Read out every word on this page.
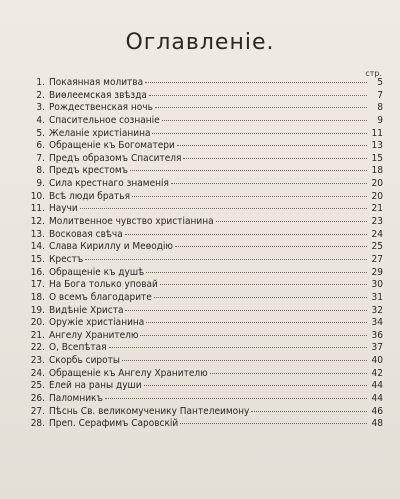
Оглавленіе.
стр.
1. Покаянная молитва	5
2. Виөлеемская звѣзда	7
3. Рождественская ночь	8
4. Спасительное сознаніе	9
5. Желаніе христіанина	11
6. Обращеніе къ Богоматери	13
7. Предъ образомъ Спасителя	15
8. Предъ крестомъ	18
9. Сила крестнаго знаменія	20
10. Всѣ люди братья	20
11. Научи	21
12. Молитвенное чувство христіанина	23
13. Восковая свѣча	24
14. Слава Кириллу и Меөодію	25
15. Крестъ	27
16. Обращеніе къ душѣ	29
17. На Бога только уповай	30
18. О всемъ благодарите	31
19. Видѣніе Христа	32
20. Оружіе христіанина	34
21. Ангелу Хранителю	36
22. О, Всепѣтая	37
23. Скорбь сироты	40
24. Обращеніе къ Ангелу Хранителю	42
25. Елей на раны души	44
26. Паломникъ	44
27. Пѣснь Св. великомученику Пантелеимону	46
28. Преп. Серафимъ Саровскій	48
